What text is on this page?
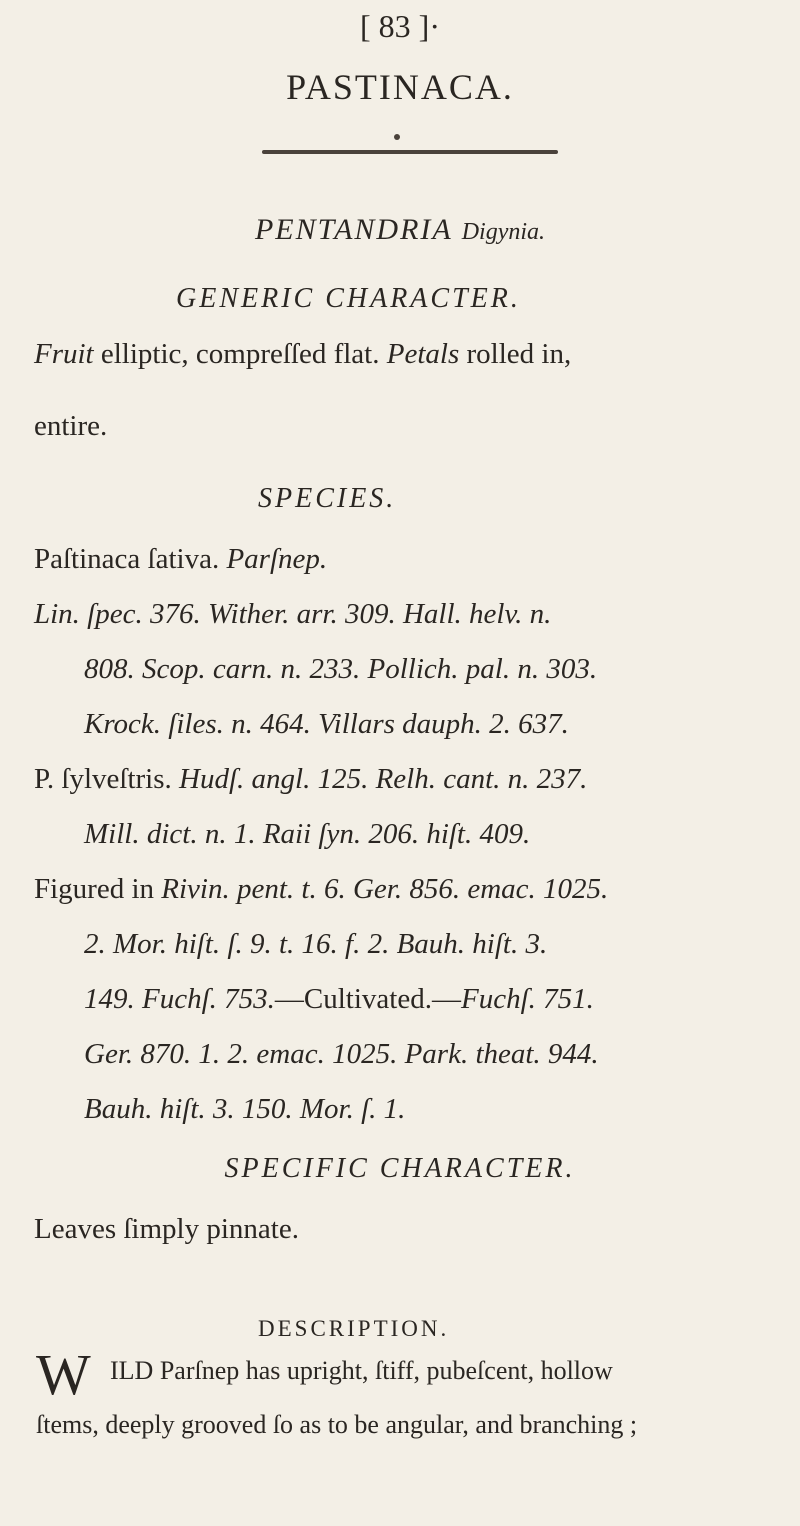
[ 83 ]·
PASTINACA.
PENTANDRIA Digynia.
GENERIC CHARACTER.
Fruit elliptic, compreſſed flat. Petals rolled in,
entire.
SPECIES.
Paſtinaca ſativa. Parſnep.
Lin. ſpec. 376. Wither. arr. 309. Hall. helv. n.
808. Scop. carn. n. 233. Pollich. pal. n. 303.
Krock. ſiles. n. 464. Villars dauph. 2. 637.
P. ſylveſtris. Hudſ. angl. 125. Relh. cant. n. 237.
Mill. dict. n. 1. Raii ſyn. 206. hiſt. 409.
Figured in Rivin. pent. t. 6. Ger. 856. emac. 1025.
2. Mor. hiſt. ſ. 9. t. 16. f. 2. Bauh. hiſt. 3.
149. Fuchſ. 753.—Cultivated.—Fuchſ. 751.
Ger. 870. 1. 2. emac. 1025. Park. theat. 944.
Bauh. hiſt. 3. 150. Mor. ſ. 1.
SPECIFIC CHARACTER.
Leaves ſimply pinnate.
DESCRIPTION.
W ILD Parſnep has upright, ſtiff, pubeſcent, hollow
ſtems, deeply grooved ſo as to be angular, and branching ;
